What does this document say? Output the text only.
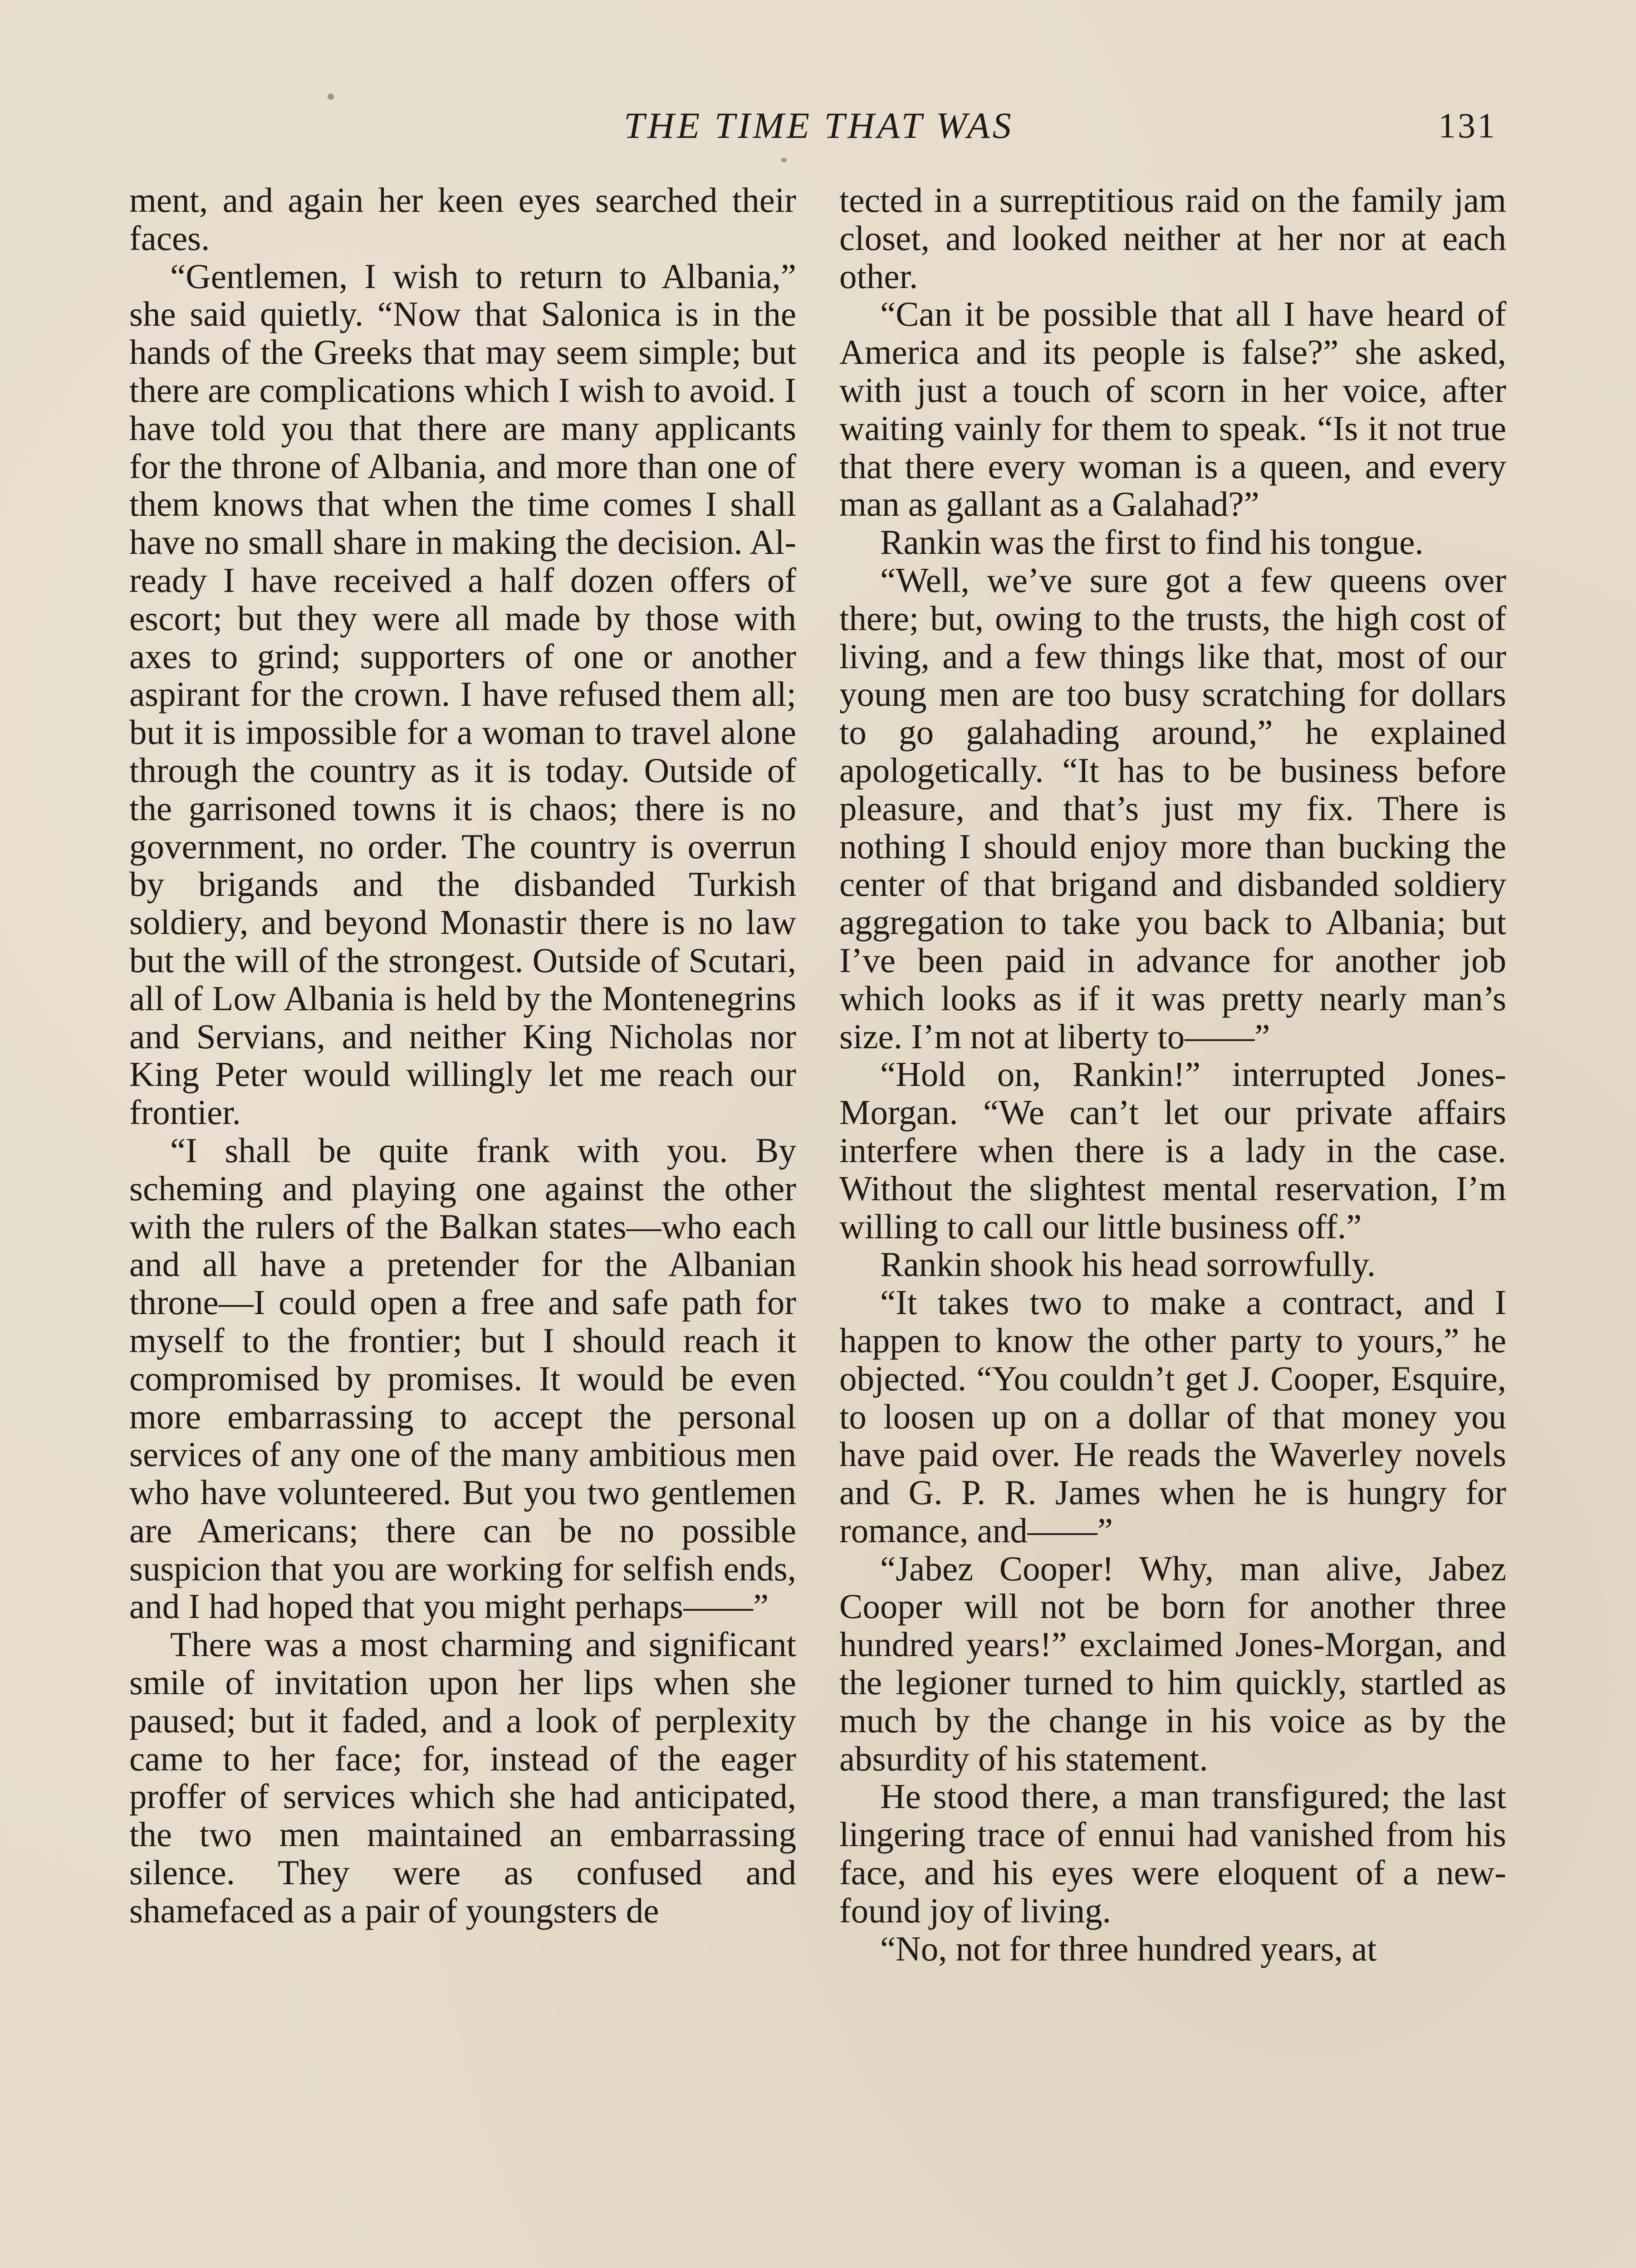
THE TIME THAT WAS	131

ment, and again her keen eyes searched their faces.

“Gentlemen, I wish to return to Albania,” she said quietly. “Now that Salonica is in the hands of the Greeks that may seem simple; but there are complications which I wish to avoid. I have told you that there are many applicants for the throne of Albania, and more than one of them knows that when the time comes I shall have no small share in making the decision. Already I have received a half dozen offers of escort; but they were all made by those with axes to grind; supporters of one or another aspirant for the crown. I have refused them all; but it is impossible for a woman to travel alone through the country as it is today. Outside of the garrisoned towns it is chaos; there is no government, no order. The country is overrun by brigands and the disbanded Turkish soldiery, and beyond Monastir there is no law but the will of the strongest. Outside of Scutari, all of Low Albania is held by the Montenegrins and Servians, and neither King Nicholas nor King Peter would willingly let me reach our frontier.

“I shall be quite frank with you. By scheming and playing one against the other with the rulers of the Balkan states—who each and all have a pretender for the Albanian throne—I could open a free and safe path for myself to the frontier; but I should reach it compromised by promises. It would be even more embarrassing to accept the personal services of any one of the many ambitious men who have volunteered. But you two gentlemen are Americans; there can be no possible suspicion that you are working for selfish ends, and I had hoped that you might perhaps——”

There was a most charming and significant smile of invitation upon her lips when she paused; but it faded, and a look of perplexity came to her face; for, instead of the eager proffer of services which she had anticipated, the two men maintained an embarrassing silence. They were as confused and shamefaced as a pair of youngsters de

tected in a surreptitious raid on the family jam closet, and looked neither at her nor at each other.

“Can it be possible that all I have heard of America and its people is false?” she asked, with just a touch of scorn in her voice, after waiting vainly for them to speak. “Is it not true that there every woman is a queen, and every man as gallant as a Galahad?”

Rankin was the first to find his tongue.

“Well, we’ve sure got a few queens over there; but, owing to the trusts, the high cost of living, and a few things like that, most of our young men are too busy scratching for dollars to go galahading around,” he explained apologetically. “It has to be business before pleasure, and that’s just my fix. There is nothing I should enjoy more than bucking the center of that brigand and disbanded soldiery aggregation to take you back to Albania; but I’ve been paid in advance for another job which looks as if it was pretty nearly man’s size. I’m not at liberty to——”

“Hold on, Rankin!” interrupted Jones-Morgan. “We can’t let our private affairs interfere when there is a lady in the case. Without the slightest mental reservation, I’m willing to call our little business off.”

Rankin shook his head sorrowfully.

“It takes two to make a contract, and I happen to know the other party to yours,” he objected. “You couldn’t get J. Cooper, Esquire, to loosen up on a dollar of that money you have paid over. He reads the Waverley novels and G. P. R. James when he is hungry for romance, and——”

“Jabez Cooper! Why, man alive, Jabez Cooper will not be born for another three hundred years!” exclaimed Jones-Morgan, and the legioner turned to him quickly, startled as much by the change in his voice as by the absurdity of his statement.

He stood there, a man transfigured; the last lingering trace of ennui had vanished from his face, and his eyes were eloquent of a new-found joy of living.

“No, not for three hundred years, at
